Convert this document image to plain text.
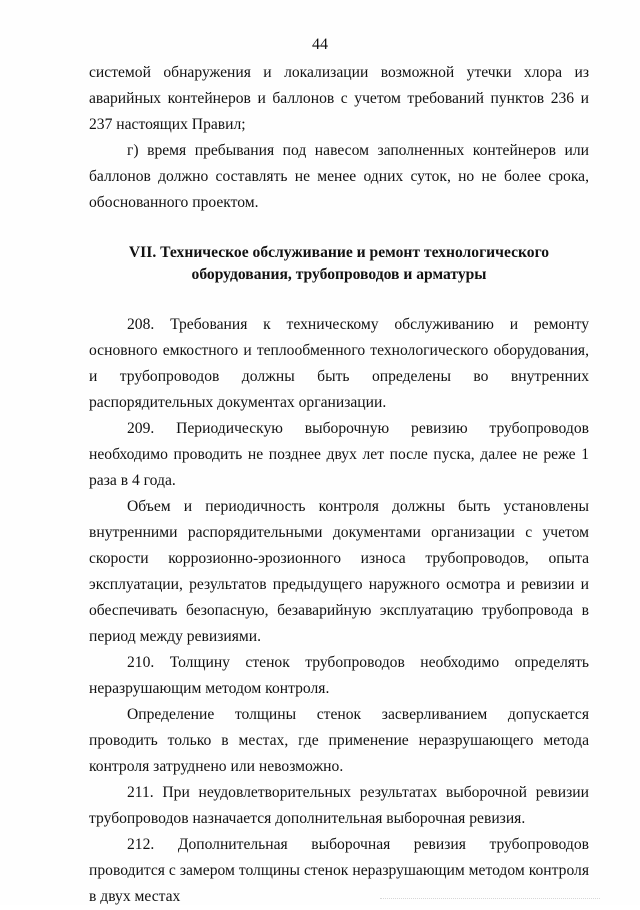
44

системой обнаружения и локализации возможной утечки хлора из аварийных контейнеров и баллонов с учетом требований пунктов 236 и 237 настоящих Правил;

г) время пребывания под навесом заполненных контейнеров или баллонов должно составлять не менее одних суток, но не более срока, обоснованного проектом.

VII. Техническое обслуживание и ремонт технологического
оборудования, трубопроводов и арматуры

208. Требования к техническому обслуживанию и ремонту основного емкостного и теплообменного технологического оборудования, и трубопроводов должны быть определены во внутренних распорядительных документах организации.

209. Периодическую выборочную ревизию трубопроводов необходимо проводить не позднее двух лет после пуска, далее не реже 1 раза в 4 года.

Объем и периодичность контроля должны быть установлены внутренними распорядительными документами организации с учетом скорости коррозионно-эрозионного износа трубопроводов, опыта эксплуатации, результатов предыдущего наружного осмотра и ревизии и обеспечивать безопасную, безаварийную эксплуатацию трубопровода в период между ревизиями.

210. Толщину стенок трубопроводов необходимо определять неразрушающим методом контроля.

Определение толщины стенок засверливанием допускается проводить только в местах, где применение неразрушающего метода контроля затруднено или невозможно.

211. При неудовлетворительных результатах выборочной ревизии трубопроводов назначается дополнительная выборочная ревизия.

212. Дополнительная выборочная ревизия трубопроводов проводится с замером толщины стенок неразрушающим методом контроля в двух местах
